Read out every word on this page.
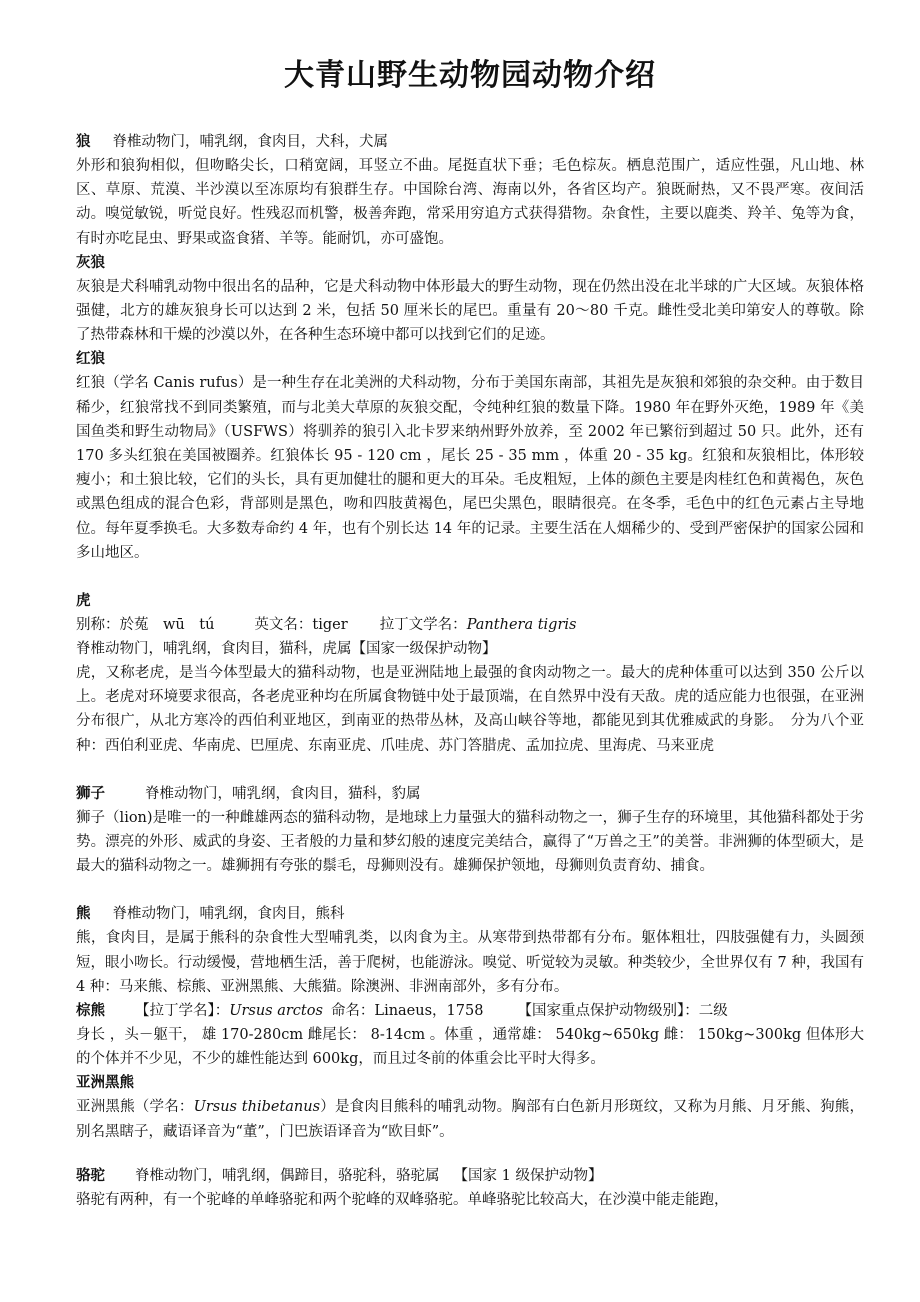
大青山野生动物园动物介绍
狼 脊椎动物门，哺乳纲，食肉目，犬科，犬属

外形和狼狗相似，但吻略尖长，口稍宽阔，耳竖立不曲。尾挺直状下垂；毛色棕灰。栖息范围广，适应性强，凡山地、林区、草原、荒漠、半沙漠以至冻原均有狼群生存。中国除台湾、海南以外，各省区均产。狼既耐热，又不畏严寒。夜间活动。嗅觉敏锐，听觉良好。性残忍而机警，极善奔跑，常采用穷追方式获得猎物。杂食性，主要以鹿类、羚羊、兔等为食，有时亦吃昆虫、野果或盗食猪、羊等。能耐饥，亦可盛饱。

灰狼

灰狼是犬科哺乳动物中很出名的品种，它是犬科动物中体形最大的野生动物，现在仍然出没在北半球的广大区域。灰狼体格强健，北方的雄灰狼身长可以达到 2 米，包括 50 厘米长的尾巴。重量有 20～80 千克。雌性受北美印第安人的尊敬。除了热带森林和干燥的沙漠以外，在各种生态环境中都可以找到它们的足迹。

红狼

红狼（学名 Canis rufus）是一种生存在北美洲的犬科动物，分布于美国东南部，其祖先是灰狼和郊狼的杂交种。由于数目稀少，红狼常找不到同类繁殖，而与北美大草原的灰狼交配，令纯种红狼的数量下降。1980 年在野外灭绝，1989 年《美国鱼类和野生动物局》（USFWS）将驯养的狼引入北卡罗来纳州野外放养，至 2002 年已繁衍到超过 50 只。此外，还有 170 多头红狼在美国被圈养。红狼体长 95 - 120 cm ，尾长 25 - 35 mm ，体重 20 - 35 kg。红狼和灰狼相比，体形较瘦小；和土狼比较，它们的头长，具有更加健壮的腿和更大的耳朵。毛皮粗短，上体的颜色主要是肉桂红色和黄褐色，灰色或黑色组成的混合色彩，背部则是黑色，吻和四肢黄褐色，尾巴尖黑色，眼睛很亮。在冬季，毛色中的红色元素占主导地位。每年夏季换毛。大多数寿命约 4 年，也有个别长达 14 年的记录。主要生活在人烟稀少的、受到严密保护的国家公园和多山地区。

虎
别称：於菟　wū　tú	英文名：tiger 拉丁文学名：Panthera tigris
脊椎动物门，哺乳纲，食肉目，猫科，虎属【国家一级保护动物】

虎，又称老虎，是当今体型最大的猫科动物，也是亚洲陆地上最强的食肉动物之一。最大的虎种体重可以达到 350 公斤以上。老虎对环境要求很高，各老虎亚种均在所属食物链中处于最顶端，在自然界中没有天敌。虎的适应能力也很强，在亚洲分布很广，从北方寒冷的西伯利亚地区，到南亚的热带丛林，及高山峡谷等地，都能见到其优雅威武的身影。　分为八个亚种：西伯利亚虎、华南虎、巴厘虎、东南亚虎、爪哇虎、苏门答腊虎、孟加拉虎、里海虎、马来亚虎

狮子	脊椎动物门，哺乳纲，食肉目，猫科，豹属

狮子（lion)是唯一的一种雌雄两态的猫科动物，是地球上力量强大的猫科动物之一，狮子生存的环境里，其他猫科都处于劣势。漂亮的外形、威武的身姿、王者般的力量和梦幻般的速度完美结合，赢得了“万兽之王”的美誉。非洲狮的体型硕大，是最大的猫科动物之一。雄狮拥有夸张的鬃毛，母狮则没有。雄狮保护领地，母狮则负责育幼、捕食。

熊 脊椎动物门，哺乳纲，食肉目，熊科

熊，食肉目，是属于熊科的杂食性大型哺乳类，以肉食为主。从寒带到热带都有分布。躯体粗壮，四肢强健有力，头圆颈短，眼小吻长。行动缓慢，营地栖生活，善于爬树，也能游泳。嗅觉、听觉较为灵敏。种类较少，全世界仅有 7 种，我国有 4 种：马来熊、棕熊、亚洲黑熊、大熊猫。除澳洲、非洲南部外，多有分布。

棕熊 【拉丁学名】：Ursus arctos 命名：Linaeus，1758 【国家重点保护动物级别】：二级

身长 ，头－躯干， 雄 170-280cm 雌尾长： 8-14cm 。体重 ，通常雄： 540kg~650kg 雌： 150kg~300kg 但体形大的个体并不少见，不少的雄性能达到 600kg，而且过冬前的体重会比平时大得多。

亚洲黑熊

亚洲黑熊（学名：Ursus thibetanus）是食肉目熊科的哺乳动物。胸部有白色新月形斑纹，又称为月熊、月牙熊、狗熊，别名黑瞎子，藏语译音为“董”，门巴族语译音为“欧目虾”。

骆驼 脊椎动物门，哺乳纲，偶蹄目，骆驼科，骆驼属 【国家 1 级保护动物】

骆驼有两种，有一个驼峰的单峰骆驼和两个驼峰的双峰骆驼。单峰骆驼比较高大，在沙漠中能走能跑，
